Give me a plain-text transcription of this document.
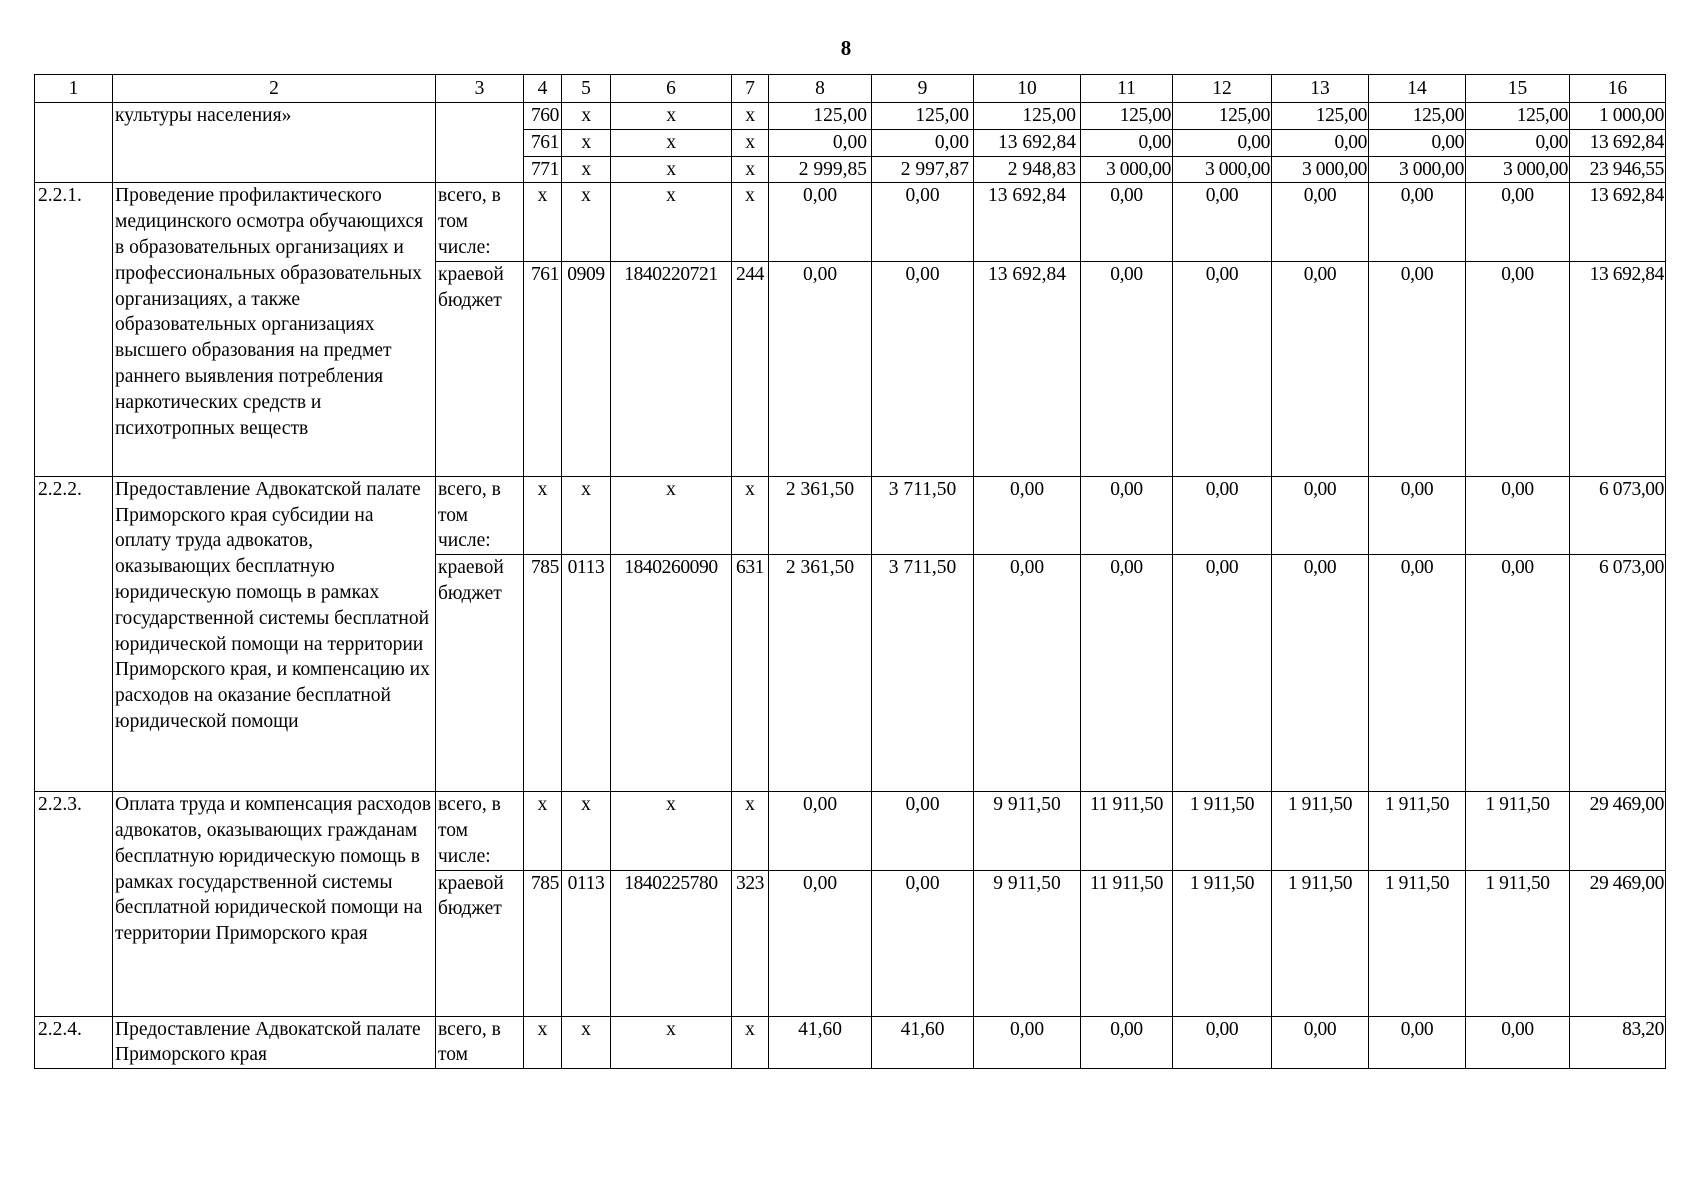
8
1	2	3	4	5	6	7	8	9	10	11	12	13	14	15	16
	культуры населения»		760	х	х	х	125,00	125,00	125,00	125,00	125,00	125,00	125,00	125,00	1 000,00
			761	х	х	х	0,00	0,00	13 692,84	0,00	0,00	0,00	0,00	0,00	13 692,84
			771	х	х	х	2 999,85	2 997,87	2 948,83	3 000,00	3 000,00	3 000,00	3 000,00	3 000,00	23 946,55
2.2.1.	Проведение профилактического медицинского осмотра обучающихся в образовательных организациях и профессиональных образовательных организациях, а также образовательных организациях высшего образования на предмет раннего выявления потребления наркотических средств и психотропных веществ	всего, в том числе:	х	х	х	х	0,00	0,00	13 692,84	0,00	0,00	0,00	0,00	0,00	13 692,84
		краевой бюджет	761	0909	1840220721	244	0,00	0,00	13 692,84	0,00	0,00	0,00	0,00	0,00	13 692,84
2.2.2.	Предоставление Адвокатской палате Приморского края субсидии на оплату труда адвокатов, оказывающих бесплатную юридическую помощь в рамках государственной системы бесплатной юридической помощи на территории Приморского края, и компенсацию их расходов на оказание бесплатной юридической помощи	всего, в том числе:	х	х	х	х	2 361,50	3 711,50	0,00	0,00	0,00	0,00	0,00	0,00	6 073,00
		краевой бюджет	785	0113	1840260090	631	2 361,50	3 711,50	0,00	0,00	0,00	0,00	0,00	0,00	6 073,00
2.2.3.	Оплата труда и компенсация расходов адвокатов, оказывающих гражданам бесплатную юридическую помощь в рамках государственной системы бесплатной юридической помощи на территории Приморского края	всего, в том числе:	х	х	х	х	0,00	0,00	9 911,50	11 911,50	1 911,50	1 911,50	1 911,50	1 911,50	29 469,00
		краевой бюджет	785	0113	1840225780	323	0,00	0,00	9 911,50	11 911,50	1 911,50	1 911,50	1 911,50	1 911,50	29 469,00
2.2.4.	Предоставление Адвокатской палате Приморского края	всего, в том	х	х	х	х	41,60	41,60	0,00	0,00	0,00	0,00	0,00	0,00	83,20
